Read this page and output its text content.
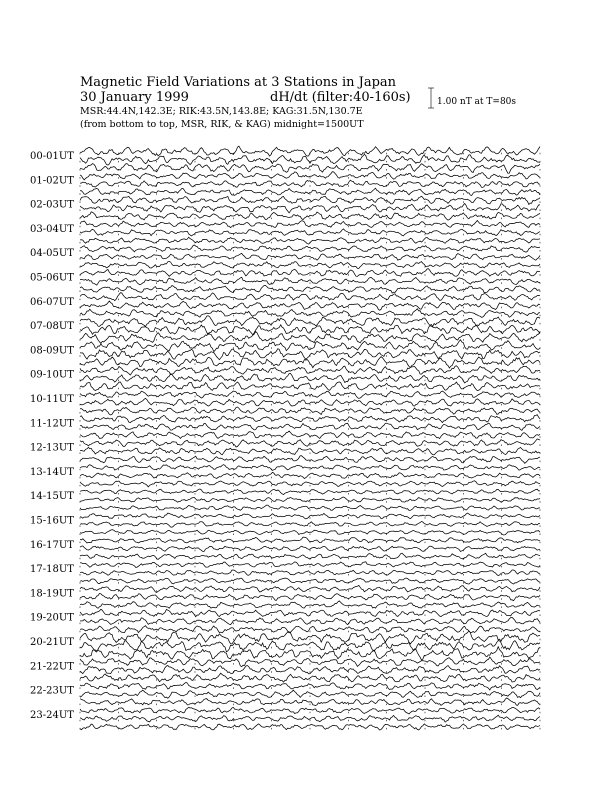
Magnetic Field Variations at 3 Stations in Japan
30 January 1999	dH/dt (filter:40-160s)
MSR:44.4N,142.3E; RIK:43.5N,143.8E; KAG:31.5N,130.7E
(from bottom to top, MSR, RIK, & KAG) midnight=1500UT
1.00 nT at T=80s
00-01UT
01-02UT
02-03UT
03-04UT
04-05UT
05-06UT
06-07UT
07-08UT
08-09UT
09-10UT
10-11UT
11-12UT
12-13UT
13-14UT
14-15UT
15-16UT
16-17UT
17-18UT
18-19UT
19-20UT
20-21UT
21-22UT
22-23UT
23-24UT
